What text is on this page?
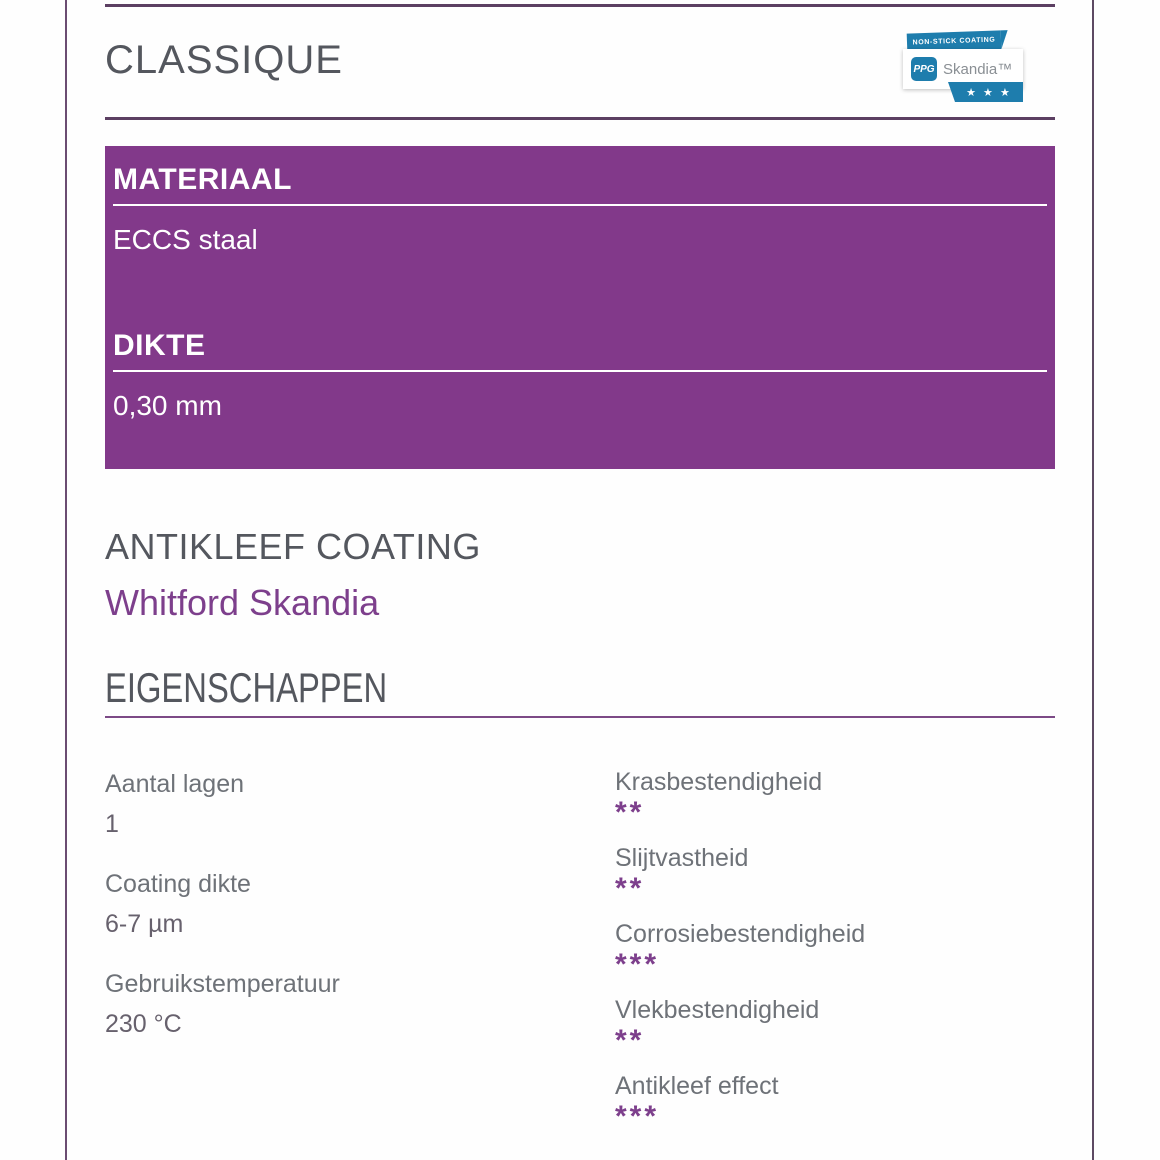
CLASSIQUE	NON-STICK COATING
PPG Skandia™
★ ★ ★
MATERIAAL
ECCS staal
DIKTE
0,30 mm
ANTIKLEEF COATING
Whitford Skandia
EIGENSCHAPPEN
Aantal lagen
1
Coating dikte
6-7 µm
Gebruikstemperatuur
230 °C
Krasbestendigheid
**
Slijtvastheid
**
Corrosiebestendigheid
***
Vlekbestendigheid
**
Antikleef effect
***
